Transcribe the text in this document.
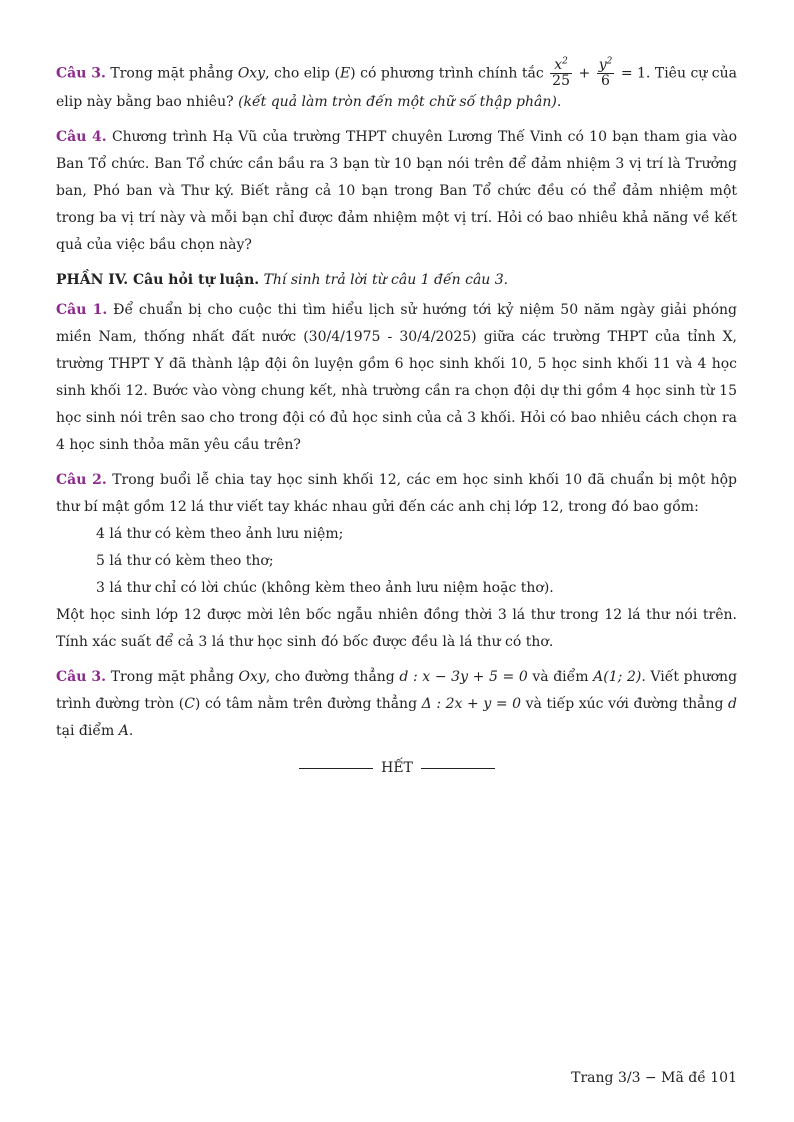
Câu 3. Trong mặt phẳng Oxy, cho elip (E) có phương trình chính tắc $\frac{x^2}{25} + \frac{y^2}{6} = 1$. Tiêu cự của elip này bằng bao nhiêu? (kết quả làm tròn đến một chữ số thập phân).

Câu 4. Chương trình Hạ Vũ của trường THPT chuyên Lương Thế Vinh có 10 bạn tham gia vào Ban Tổ chức. Ban Tổ chức cần bầu ra 3 bạn từ 10 bạn nói trên để đảm nhiệm 3 vị trí là Trưởng ban, Phó ban và Thư ký. Biết rằng cả 10 bạn trong Ban Tổ chức đều có thể đảm nhiệm một trong ba vị trí này và mỗi bạn chỉ được đảm nhiệm một vị trí. Hỏi có bao nhiêu khả năng về kết quả của việc bầu chọn này?

PHẦN IV. Câu hỏi tự luận. Thí sinh trả lời từ câu 1 đến câu 3.

Câu 1. Để chuẩn bị cho cuộc thi tìm hiểu lịch sử hướng tới kỷ niệm 50 năm ngày giải phóng miền Nam, thống nhất đất nước (30/4/1975 - 30/4/2025) giữa các trường THPT của tỉnh X, trường THPT Y đã thành lập đội ôn luyện gồm 6 học sinh khối 10, 5 học sinh khối 11 và 4 học sinh khối 12. Bước vào vòng chung kết, nhà trường cần ra chọn đội dự thi gồm 4 học sinh từ 15 học sinh nói trên sao cho trong đội có đủ học sinh của cả 3 khối. Hỏi có bao nhiêu cách chọn ra 4 học sinh thỏa mãn yêu cầu trên?

Câu 2. Trong buổi lễ chia tay học sinh khối 12, các em học sinh khối 10 đã chuẩn bị một hộp thư bí mật gồm 12 lá thư viết tay khác nhau gửi đến các anh chị lớp 12, trong đó bao gồm:

4 lá thư có kèm theo ảnh lưu niệm;

5 lá thư có kèm theo thơ;

3 lá thư chỉ có lời chúc (không kèm theo ảnh lưu niệm hoặc thơ).

Một học sinh lớp 12 được mời lên bốc ngẫu nhiên đồng thời 3 lá thư trong 12 lá thư nói trên. Tính xác suất để cả 3 lá thư học sinh đó bốc được đều là lá thư có thơ.

Câu 3. Trong mặt phẳng Oxy, cho đường thẳng d : x − 3y + 5 = 0 và điểm A(1; 2). Viết phương trình đường tròn (C) có tâm nằm trên đường thẳng Δ : 2x + y = 0 và tiếp xúc với đường thẳng d tại điểm A.

HẾT
Trang 3/3 − Mã đề 101
